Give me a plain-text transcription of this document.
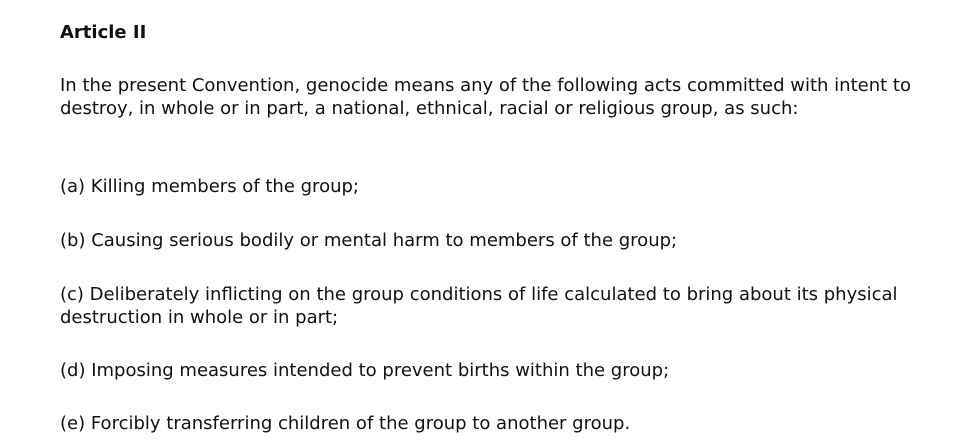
Article II
In the present Convention, genocide means any of the following acts committed with intent to destroy, in whole or in part, a national, ethnical, racial or religious group, as such:
(a) Killing members of the group;
(b) Causing serious bodily or mental harm to members of the group;
(c) Deliberately inflicting on the group conditions of life calculated to bring about its physical destruction in whole or in part;
(d) Imposing measures intended to prevent births within the group;
(e) Forcibly transferring children of the group to another group.
